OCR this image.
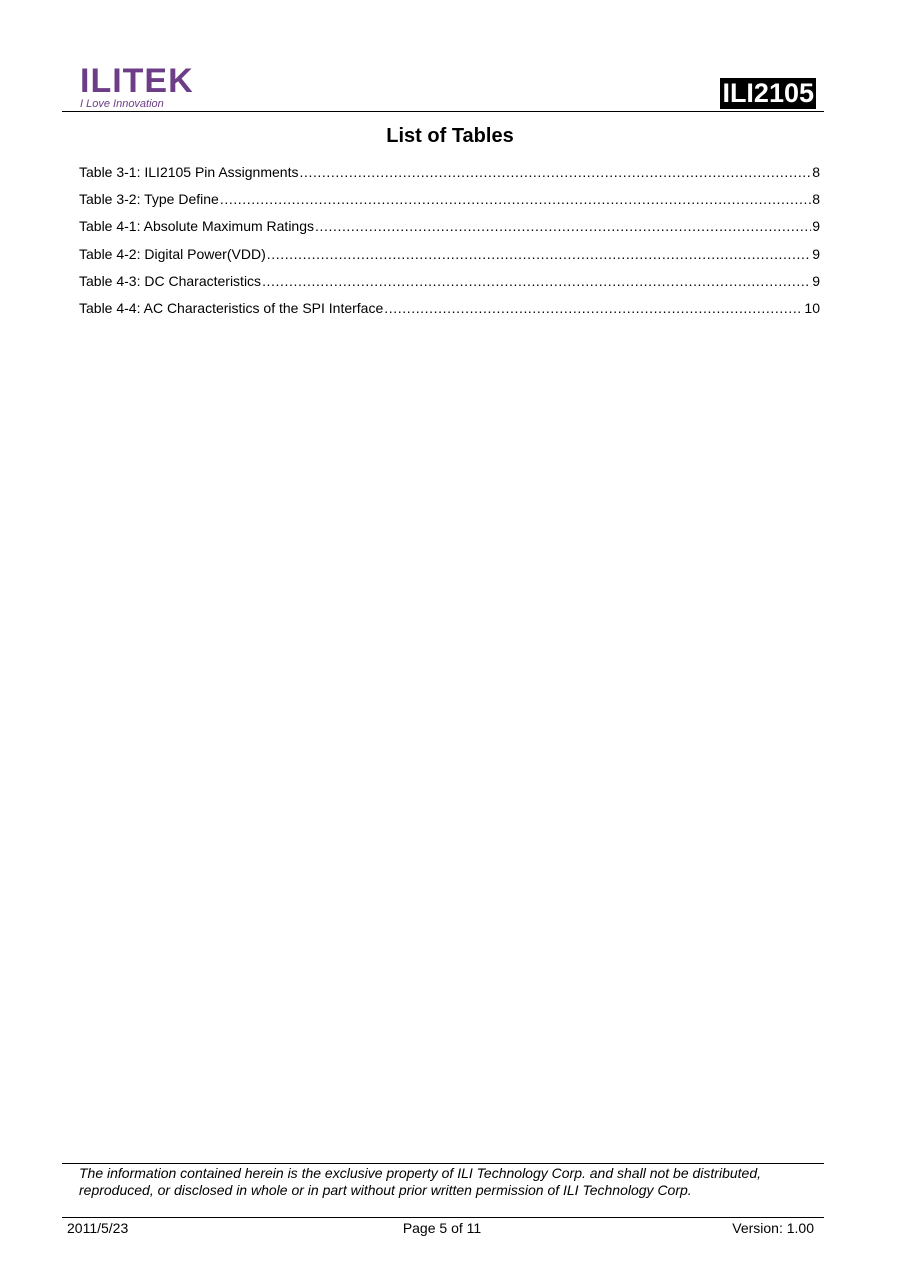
ILITEK
I Love Innovation	ILI2105
List of Tables
Table 3-1: ILI2105 Pin Assignments .....	8
Table 3-2: Type Define .....	8
Table 4-1: Absolute Maximum Ratings .....	9
Table 4-2: Digital Power(VDD) .....	9
Table 4-3: DC Characteristics .....	9
Table 4-4: AC Characteristics of the SPI Interface .....	10
The information contained herein is the exclusive property of ILI Technology Corp. and shall not be distributed, reproduced, or disclosed in whole or in part without prior written permission of ILI Technology Corp.
2011/5/23	Page 5 of 11	Version: 1.00
